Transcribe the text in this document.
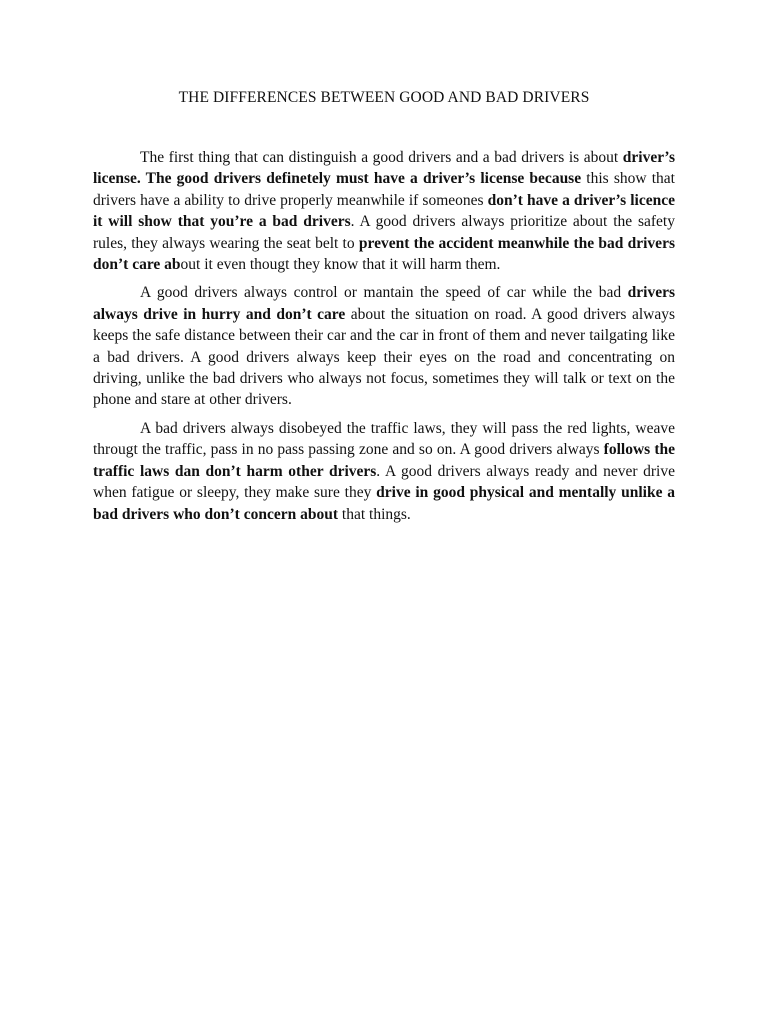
THE DIFFERENCES BETWEEN GOOD AND BAD DRIVERS

The first thing that can distinguish a good drivers and a bad drivers is about driver’s license. The good drivers definetely must have a driver’s license because this show that drivers have a ability to drive properly meanwhile if someones don’t have a driver’s licence it will show that you’re a bad drivers. A good drivers always prioritize about the safety rules, they always wearing the seat belt to prevent the accident meanwhile the bad drivers don’t care about it even thougt they know that it will harm them.

A good drivers always control or mantain the speed of car while the bad drivers always drive in hurry and don’t care about the situation on road. A good drivers always keeps the safe distance between their car and the car in front of them and never tailgating like a bad drivers. A good drivers always keep their eyes on the road and concentrating on driving, unlike the bad drivers who always not focus, sometimes they will talk or text on the phone and stare at other drivers.

A bad drivers always disobeyed the traffic laws, they will pass the red lights, weave througt the traffic, pass in no pass passing zone and so on. A good drivers always follows the traffic laws dan don’t harm other drivers. A good drivers always ready and never drive when fatigue or sleepy, they make sure they drive in good physical and mentally unlike a bad drivers who don’t concern about that things.
